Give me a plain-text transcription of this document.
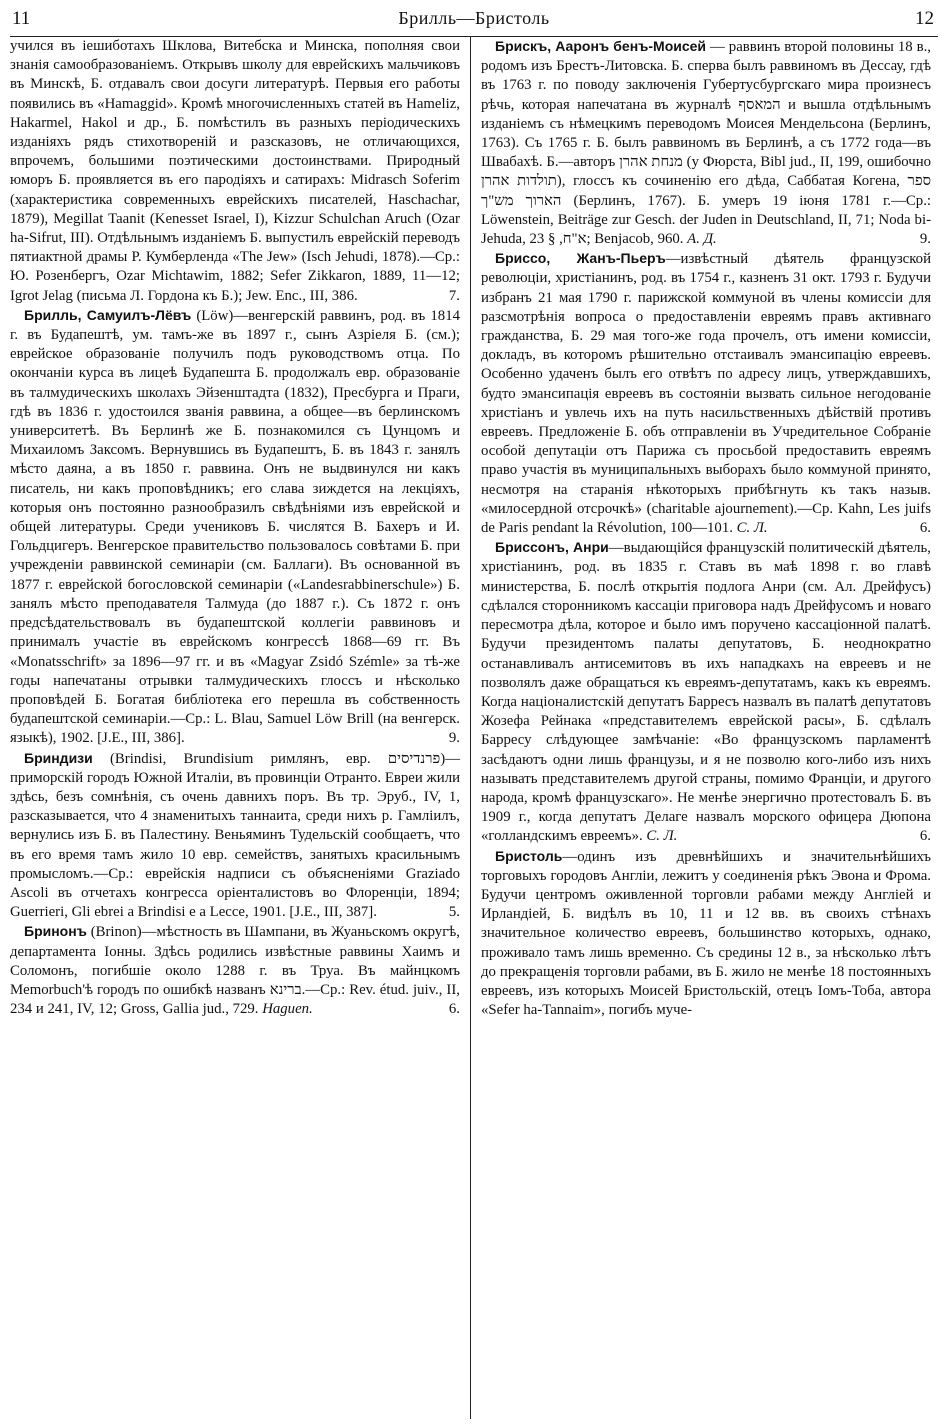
11	Брилль—Бристоль	12

учился въ iешиботахъ Шклова, Витебска и Минска, пополняя свои знанiя самообразованiемъ. Открывъ школу для еврейскихъ мальчиковъ въ Минскѣ, Б. отдавалъ свои досуги литературѣ. Первыя его работы появились въ «Hamaggid». Кромѣ многочисленныхъ статей въ Hameliz, Hakarmel, Hakol и др., Б. помѣстилъ въ разныхъ перiодическихъ изданiяхъ рядъ стихотворенiй и разсказовъ, не отличающихся, впрочемъ, большими поэтическими достоинствами. Природный юморъ Б. проявляется въ его пародiяхъ и сатирахъ: Midrasch Soferim (характеристика современныхъ еврейскихъ писателей, Haschachar, 1879), Megillat Taanit (Kenesset Israel, I), Kizzur Schulchan Aruch (Ozar ha-Sifrut, III). Отдѣльнымъ изданiемъ Б. выпустилъ еврейскiй переводъ пятиактной драмы Р. Кумберленда «The Jew» (Isch Jehudi, 1878).—Ср.: Ю. Розенбергъ, Ozar Michtawim, 1882; Sefer Zikkaron, 1889, 11—12; Igrot Jelag (письма Л. Гордона къ Б.); Jew. Enc., III, 386.	7.

Брилль, Самуилъ-Лёвъ (Löw)—венгерскiй раввинъ, род. въ 1814 г. въ Будапештѣ, ум. тамъ-же въ 1897 г., сынъ Азрiеля Б. (см.); еврейское образованiе получилъ подъ руководствомъ отца. По окончанiи курса въ лицеѣ Будапешта Б. продолжалъ евр. образованiе въ талмудическихъ школахъ Эйзенштадта (1832), Пресбурга и Праги, гдѣ въ 1836 г. удостоился званiя раввина, а общее—въ берлинскомъ университетѣ. Въ Берлинѣ же Б. познакомился съ Цунцомъ и Михаиломъ Заксомъ. Вернувшись въ Будапештъ, Б. въ 1843 г. занялъ мѣсто даяна, а въ 1850 г. раввина. Онъ не выдвинулся ни какъ писатель, ни какъ проповѣдникъ; его слава зиждется на лекцiяхъ, которыя онъ постоянно разнообразилъ свѣдѣнiями изъ еврейской и общей литературы. Среди учениковъ Б. числятся В. Бахеръ и И. Гольдцигеръ. Венгерское правительство пользовалось совѣтами Б. при учрежденiи раввинской семинарiи (см. Баллаги). Въ основанной въ 1877 г. еврейской богословской семинарiи («Landesrabbinerschule») Б. занялъ мѣсто преподавателя Талмуда (до 1887 г.). Съ 1872 г. онъ предсѣдательствовалъ въ будапештской коллегiи раввиновъ и принималъ участiе въ еврейскомъ конгрессѣ 1868—69 гг. Въ «Monatsschrift» за 1896—97 гг. и въ «Magyar Zsidó Szémle» за тѣ-же годы напечатаны отрывки талмудическихъ глоссъ и нѣсколько проповѣдей Б. Богатая библiотека его перешла въ собственность будапештской семинарiи.—Ср.: L. Blau, Samuel Löw Brill (на венгерск. языкѣ), 1902. [J.E., III, 386].	9.

Бриндизи (Brindisi, Brundisium римлянъ, евр. פרנדיסים)—приморскiй городъ Южной Италiи, въ провинцiи Отранто. Евреи жили здѣсь, безъ сомнѣнiя, съ очень давнихъ поръ. Въ тр. Эруб., IV, 1, разсказывается, что 4 знаменитыхъ таннаита, среди нихъ р. Гамлiилъ, вернулись изъ Б. въ Палестину. Веньяминъ Тудельскiй сообщаетъ, что въ его время тамъ жило 10 евр. семействъ, занятыхъ красильнымъ промысломъ.—Ср.: еврейскiя надписи съ объясненiями Graziado Ascoli въ отчетахъ конгресса орiенталистовъ во Флоренцiи, 1894; Guerrieri, Gli ebrei a Brindisi e a Lecce, 1901. [J.E., III, 387].	5.

Бринонъ (Brinon)—мѣстность въ Шампани, въ Жуаньскомъ округѣ, департамента Іонны. Здѣсь родились извѣстные раввины Хаимъ и Соломонъ, погибшiе около 1288 г. въ Труа. Въ майнцкомъ Memorbuch'ѣ городъ по ошибкѣ названъ ברינא.—Ср.: Rev. étud. juiv., II, 234 и 241, IV, 12; Gross, Gallia jud., 729. Haguen.	6.

Брискъ, Ааронъ бенъ-Моисей — раввинъ второй половины 18 в., родомъ изъ Брестъ-Литовска. Б. сперва былъ раввиномъ въ Дессау, гдѣ въ 1763 г. по поводу заключенiя Губертусбургскаго мира произнесъ рѣчь, которая напечатана въ журналѣ המאסף и вышла отдѣльнымъ изданiемъ съ нѣмецкимъ переводомъ Моисея Мендельсона (Берлинъ, 1763). Съ 1765 г. Б. былъ раввиномъ въ Берлинѣ, а съ 1772 года—въ Швабахѣ. Б.—авторъ מנחת אהרן (у Фюрста, Bibl jud., II, 199, ошибочно תולדות אהרן), глоссъ къ сочиненiю его дѣда, Саббатая Когена, ספר הארוך מש"ך (Берлинъ, 1767). Б. умеръ 19 iюня 1781 г.—Ср.: Löwenstein, Beiträge zur Gesch. der Juden in Deutschland, II, 71; Noda bi-Jehuda, א"ח, § 23; Benjacob, 960. А. Д.	9.

Бриссо, Жанъ-Пьеръ—извѣстный дѣятель французской революцiи, христiанинъ, род. въ 1754 г., казненъ 31 окт. 1793 г. Будучи избранъ 21 мая 1790 г. парижской коммуной въ члены комиссiи для разсмотрѣнiя вопроса о предоставленiи евреямъ правъ активнаго гражданства, Б. 29 мая того-же года прочелъ, отъ имени комиссiи, докладъ, въ которомъ рѣшительно отстаивалъ эмансипацiю евреевъ. Особенно удаченъ былъ его отвѣтъ по адресу лицъ, утверждавшихъ, будто эмансипацiя евреевъ въ состоянiи вызвать сильное негодованiе христiанъ и увлечь ихъ на путь насильственныхъ дѣйствiй противъ евреевъ. Предложенiе Б. объ отправленiи въ Учредительное Собранiе особой депутацiи отъ Парижа съ просьбой предоставить евреямъ право участiя въ муниципальныхъ выборахъ было коммуной принято, несмотря на старанiя нѣкоторыхъ прибѣгнуть къ такъ назыв. «милосердной отсрочкѣ» (charitable ajournement).—Ср. Kahn, Les juifs de Paris pendant la Révolution, 100—101.	6.
С. Л.

Бриссонъ, Анри—выдающiйся французскiй политическiй дѣятель, христiанинъ, род. въ 1835 г. Ставъ въ маѣ 1898 г. во главѣ министерства, Б. послѣ открытiя подлога Анри (см. Ал. Дрейфусъ) сдѣлался сторонникомъ кассацiи приговора надъ Дрейфусомъ и новаго пересмотра дѣла, которое и было имъ поручено кассацiонной палатѣ. Будучи президентомъ палаты депутатовъ, Б. неоднократно останавливалъ антисемитовъ въ ихъ нападкахъ на евреевъ и не позволялъ даже обращаться къ евреямъ-депутатамъ, какъ къ евреямъ. Когда нацiоналистскiй депутатъ Барресъ назвалъ въ палатѣ депутатовъ Жозефа Рейнака «представителемъ еврейской расы», Б. сдѣлалъ Барресу слѣдующее замѣчанiе: «Во французскомъ парламентѣ засѣдаютъ одни лишь французы, и я не позволю кого-либо изъ нихъ называть представителемъ другой страны, помимо Францiи, и другого народа, кромѣ французскаго». Не менѣе энергично протестовалъ Б. въ 1909 г., когда депутатъ Делаге назвалъ морского офицера Дюпона «голландскимъ евреемъ».	6.
С. Л.

Бристоль—одинъ изъ древнѣйшихъ и значительнѣйшихъ торговыхъ городовъ Англiи, лежитъ у соединенiя рѣкъ Эвона и Фрома. Будучи центромъ оживленной торговли рабами между Англiей и Ирландiей, Б. видѣлъ въ 10, 11 и 12 вв. въ своихъ стѣнахъ значительное количество евреевъ, большинство которыхъ, однако, проживало тамъ лишь временно. Съ средины 12 в., за нѣсколько лѣтъ до прекращенiя торговли рабами, въ Б. жило не менѣе 18 постоянныхъ евреевъ, изъ которыхъ Моисей Бристольскiй, отецъ Іомъ-Тоба, автора «Sefer ha-Tannaim», погибъ муче-
